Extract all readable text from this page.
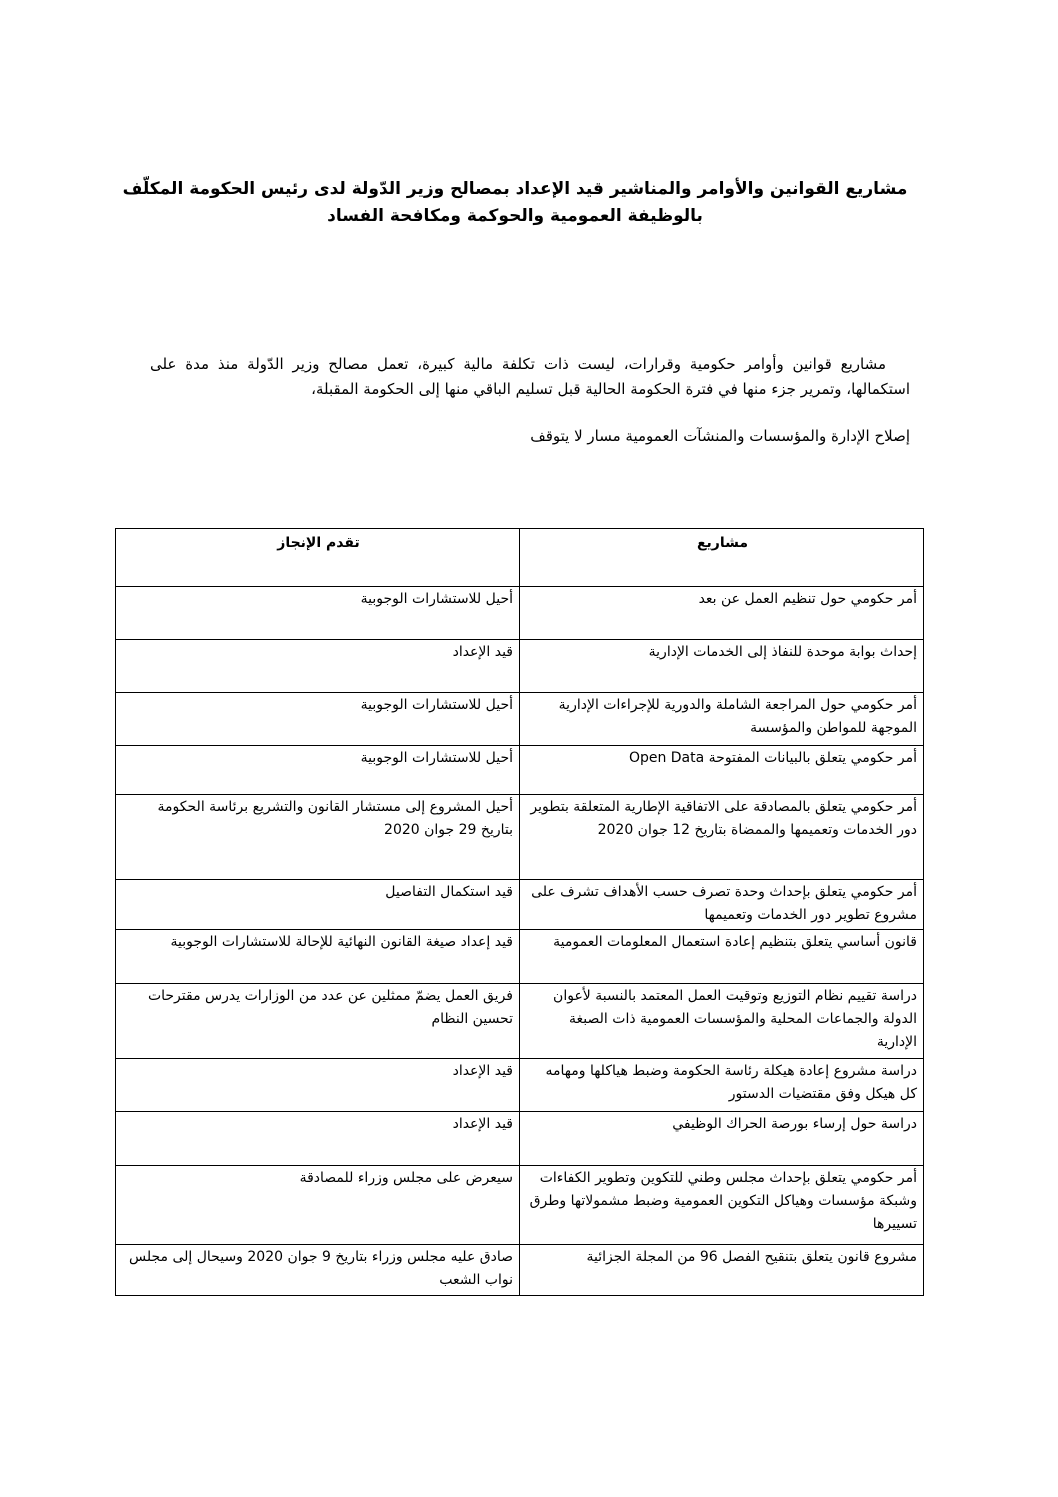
مشاريع القوانين والأوامر والمناشير قيد الإعداد بمصالح وزير الدّولة لدى رئيس الحكومة المكلّف
بالوظيفة العمومية والحوكمة ومكافحة الفساد

مشاريع قوانين وأوامر حكومية وقرارات، ليست ذات تكلفة مالية كبيرة، تعمل مصالح وزير الدّولة منذ مدة على استكمالها، وتمرير جزء منها في فترة الحكومة الحالية قبل تسليم الباقي منها إلى الحكومة المقبلة،

إصلاح الإدارة والمؤسسات والمنشآت العمومية مسار لا يتوقف

مشاريع	تقدم الإنجاز
أمر حكومي حول تنظيم العمل عن بعد	أحيل للاستشارات الوجوبية
إحداث بوابة موحدة للنفاذ إلى الخدمات الإدارية	قيد الإعداد
أمر حكومي حول المراجعة الشاملة والدورية للإجراءات الإدارية الموجهة للمواطن والمؤسسة	أحيل للاستشارات الوجوبية
أمر حكومي يتعلق بالبيانات المفتوحة Open Data	أحيل للاستشارات الوجوبية
أمر حكومي يتعلق بالمصادقة على الاتفاقية الإطارية المتعلقة بتطوير دور الخدمات وتعميمها والممضاة بتاريخ 12 جوان 2020	أحيل المشروع إلى مستشار القانون والتشريع برئاسة الحكومة بتاريخ 29 جوان 2020
أمر حكومي يتعلق بإحداث وحدة تصرف حسب الأهداف تشرف على مشروع تطوير دور الخدمات وتعميمها	قيد استكمال التفاصيل
قانون أساسي يتعلق بتنظيم إعادة استعمال المعلومات العمومية	قيد إعداد صيغة القانون النهائية للإحالة للاستشارات الوجوبية
دراسة تقييم نظام التوزيع وتوقيت العمل المعتمد بالنسبة لأعوان الدولة والجماعات المحلية والمؤسسات العمومية ذات الصبغة الإدارية	فريق العمل يضمّ ممثلين عن عدد من الوزارات يدرس مقترحات تحسين النظام
دراسة مشروع إعادة هيكلة رئاسة الحكومة وضبط هياكلها ومهامه كل هيكل وفق مقتضيات الدستور	قيد الإعداد
دراسة حول إرساء بورصة الحراك الوظيفي	قيد الإعداد
أمر حكومي يتعلق بإحداث مجلس وطني للتكوين وتطوير الكفاءات وشبكة مؤسسات وهياكل التكوين العمومية وضبط مشمولاتها وطرق تسييرها	سيعرض على مجلس وزراء للمصادقة
مشروع قانون يتعلق بتنقيح الفصل 96 من المجلة الجزائية	صادق عليه مجلس وزراء بتاريخ 9 جوان 2020 وسيحال إلى مجلس نواب الشعب
